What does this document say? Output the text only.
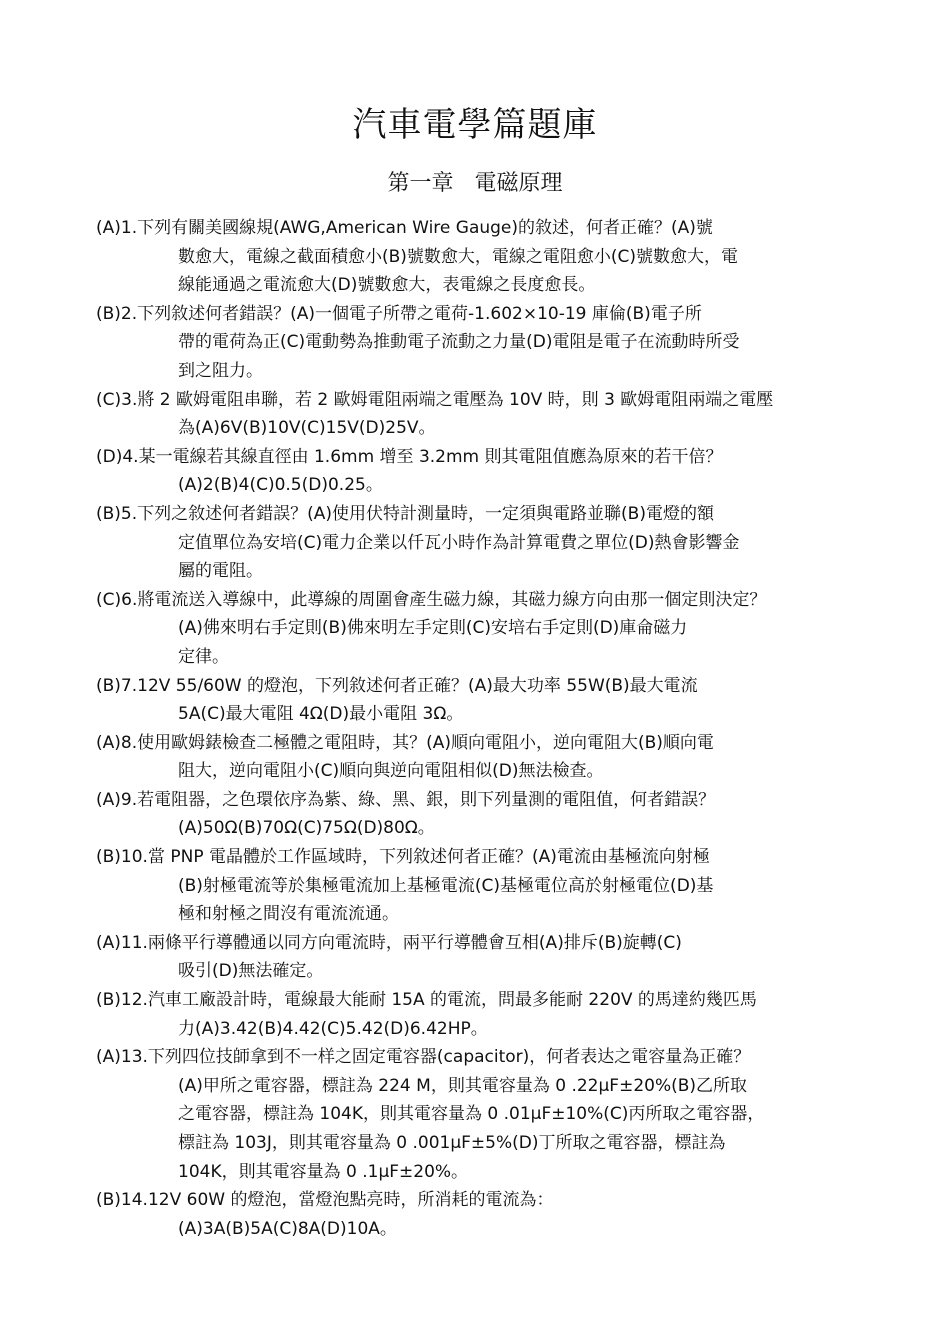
汽車電學篇題庫
第一章   電磁原理
(A)1.下列有關美國線規(AWG,American Wire Gauge)的敘述，何者正確？(A)號
數愈大，電線之截面積愈小(B)號數愈大，電線之電阻愈小(C)號數愈大，電
線能通過之電流愈大(D)號數愈大，表電線之長度愈長。
(B)2.下列敘述何者錯誤？(A)一個電子所帶之電荷-1.602×10-19 庫倫(B)電子所
帶的電荷為正(C)電動勢為推動電子流動之力量(D)電阻是電子在流動時所受
到之阻力。
(C)3.將 2 歐姆電阻串聯，若 2 歐姆電阻兩端之電壓為 10V 時，則 3 歐姆電阻兩端之電壓
為(A)6V(B)10V(C)15V(D)25V。
(D)4.某一電線若其線直徑由 1.6mm 增至 3.2mm 則其電阻值應為原來的若干倍？
(A)2(B)4(C)0.5(D)0.25。
(B)5.下列之敘述何者錯誤？(A)使用伏特計測量時，一定須與電路並聯(B)電燈的額
定值單位為安培(C)電力企業以仟瓦小時作為計算電費之單位(D)熱會影響金
屬的電阻。
(C)6.將電流送入導線中，此導線的周圍會產生磁力線，其磁力線方向由那一個定則決定？
(A)佛來明右手定則(B)佛來明左手定則(C)安培右手定則(D)庫侖磁力
定律。
(B)7.12V 55/60W 的燈泡，下列敘述何者正確？(A)最大功率 55W(B)最大電流
5A(C)最大電阻 4Ω(D)最小電阻 3Ω。
(A)8.使用歐姆錶檢查二極體之電阻時，其？(A)順向電阻小，逆向電阻大(B)順向電
阻大，逆向電阻小(C)順向與逆向電阻相似(D)無法檢查。
(A)9.若電阻器，之色環依序為紫、綠、黑、銀，則下列量測的電阻值，何者錯誤？
(A)50Ω(B)70Ω(C)75Ω(D)80Ω。
(B)10.當 PNP 電晶體於工作區域時，下列敘述何者正確？(A)電流由基極流向射極
(B)射極電流等於集極電流加上基極電流(C)基極電位高於射極電位(D)基
極和射極之間沒有電流流通。
(A)11.兩條平行導體通以同方向電流時，兩平行導體會互相(A)排斥(B)旋轉(C)
吸引(D)無法確定。
(B)12.汽車工廠設計時，電線最大能耐 15A 的電流，問最多能耐 220V 的馬達約幾匹馬
力(A)3.42(B)4.42(C)5.42(D)6.42HP。
(A)13.下列四位技師拿到不一样之固定電容器(capacitor)，何者表达之電容量為正確？
(A)甲所之電容器，標註為 224 M，則其電容量為 0 .22μF±20%(B)乙所取
之電容器，標註為 104K，則其電容量為 0 .01μF±10%(C)丙所取之電容器，
標註為 103J，則其電容量為 0 .001μF±5%(D)丁所取之電容器，標註為
104K，則其電容量為 0 .1μF±20%。
(B)14.12V 60W 的燈泡，當燈泡點亮時，所消耗的電流為：
(A)3A(B)5A(C)8A(D)10A。
